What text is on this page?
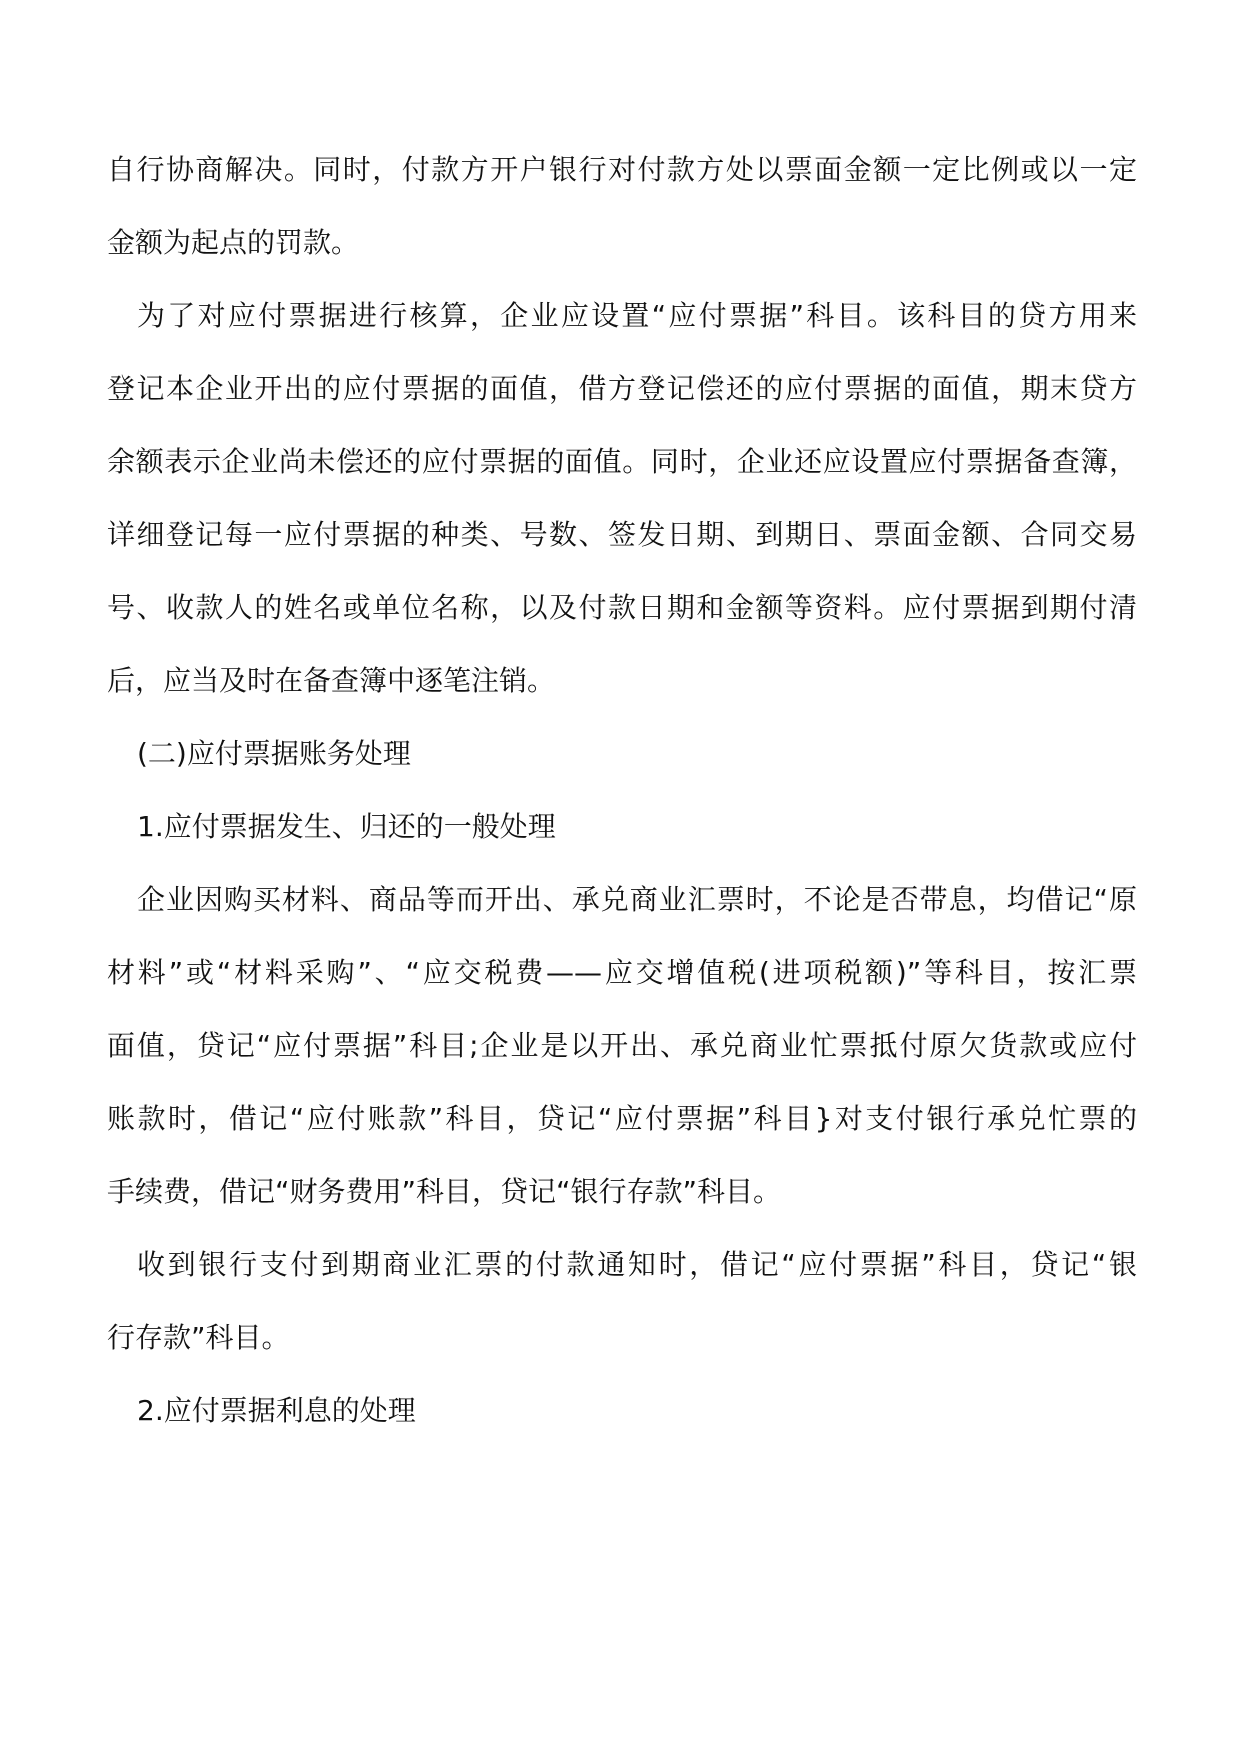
自行协商解决。同时，付款方开户银行对付款方处以票面金额一定比例或以一定
金额为起点的罚款。
为了对应付票据进行核算，企业应设置“应付票据”科目。该科目的贷方用来
登记本企业开出的应付票据的面值，借方登记偿还的应付票据的面值，期末贷方
余额表示企业尚未偿还的应付票据的面值。同时，企业还应设置应付票据备查簿，
详细登记每一应付票据的种类、号数、签发日期、到期日、票面金额、合同交易
号、收款人的姓名或单位名称，以及付款日期和金额等资料。应付票据到期付清
后，应当及时在备查簿中逐笔注销。
(二)应付票据账务处理
1.应付票据发生、归还的一般处理
企业因购买材料、商品等而开出、承兑商业汇票时，不论是否带息，均借记“原
材料”或“材料采购”、“应交税费——应交增值税(进项税额)”等科目，按汇票
面值，贷记“应付票据”科目;企业是以开出、承兑商业忙票抵付原欠货款或应付
账款时，借记“应付账款”科目，贷记“应付票据”科目}对支付银行承兑忙票的
手续费，借记“财务费用”科目，贷记“银行存款”科目。
收到银行支付到期商业汇票的付款通知时，借记“应付票据”科目，贷记“银
行存款”科目。
2.应付票据利息的处理
